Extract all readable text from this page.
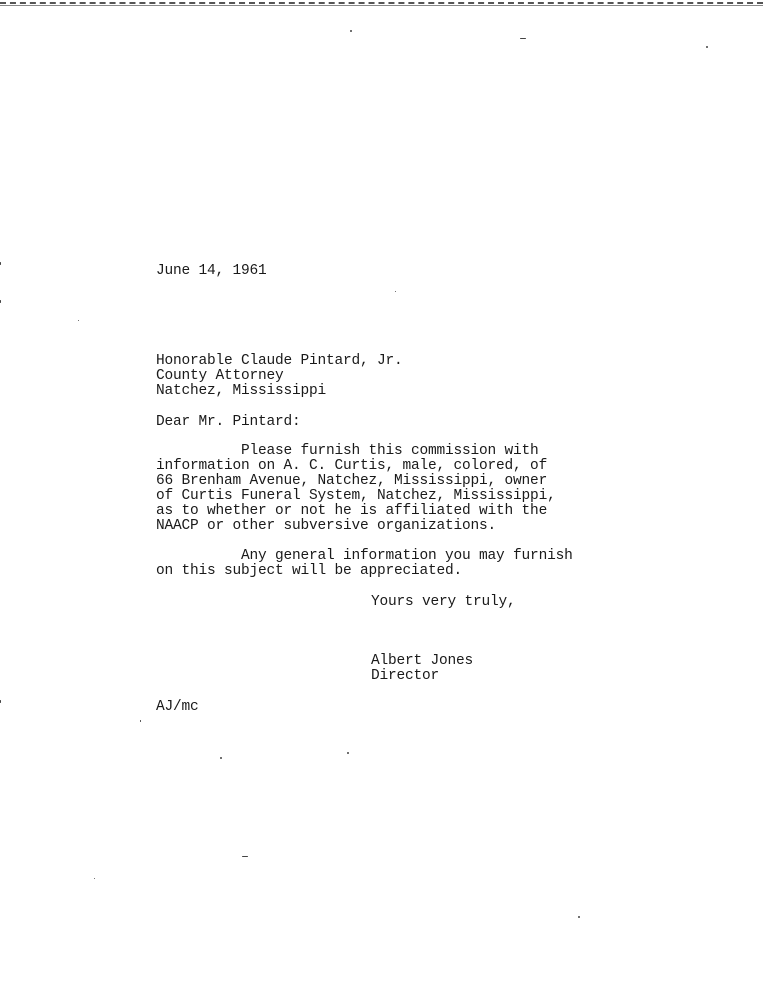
June 14, 1961
Honorable Claude Pintard, Jr.
County Attorney
Natchez, Mississippi
Dear Mr. Pintard:
Please furnish this commission with
information on A. C. Curtis, male, colored, of
66 Brenham Avenue, Natchez, Mississippi, owner
of Curtis Funeral System, Natchez, Mississippi,
as to whether or not he is affiliated with the
NAACP or other subversive organizations.
Any general information you may furnish
on this subject will be appreciated.
Yours very truly,
Albert Jones
Director
AJ/mc
